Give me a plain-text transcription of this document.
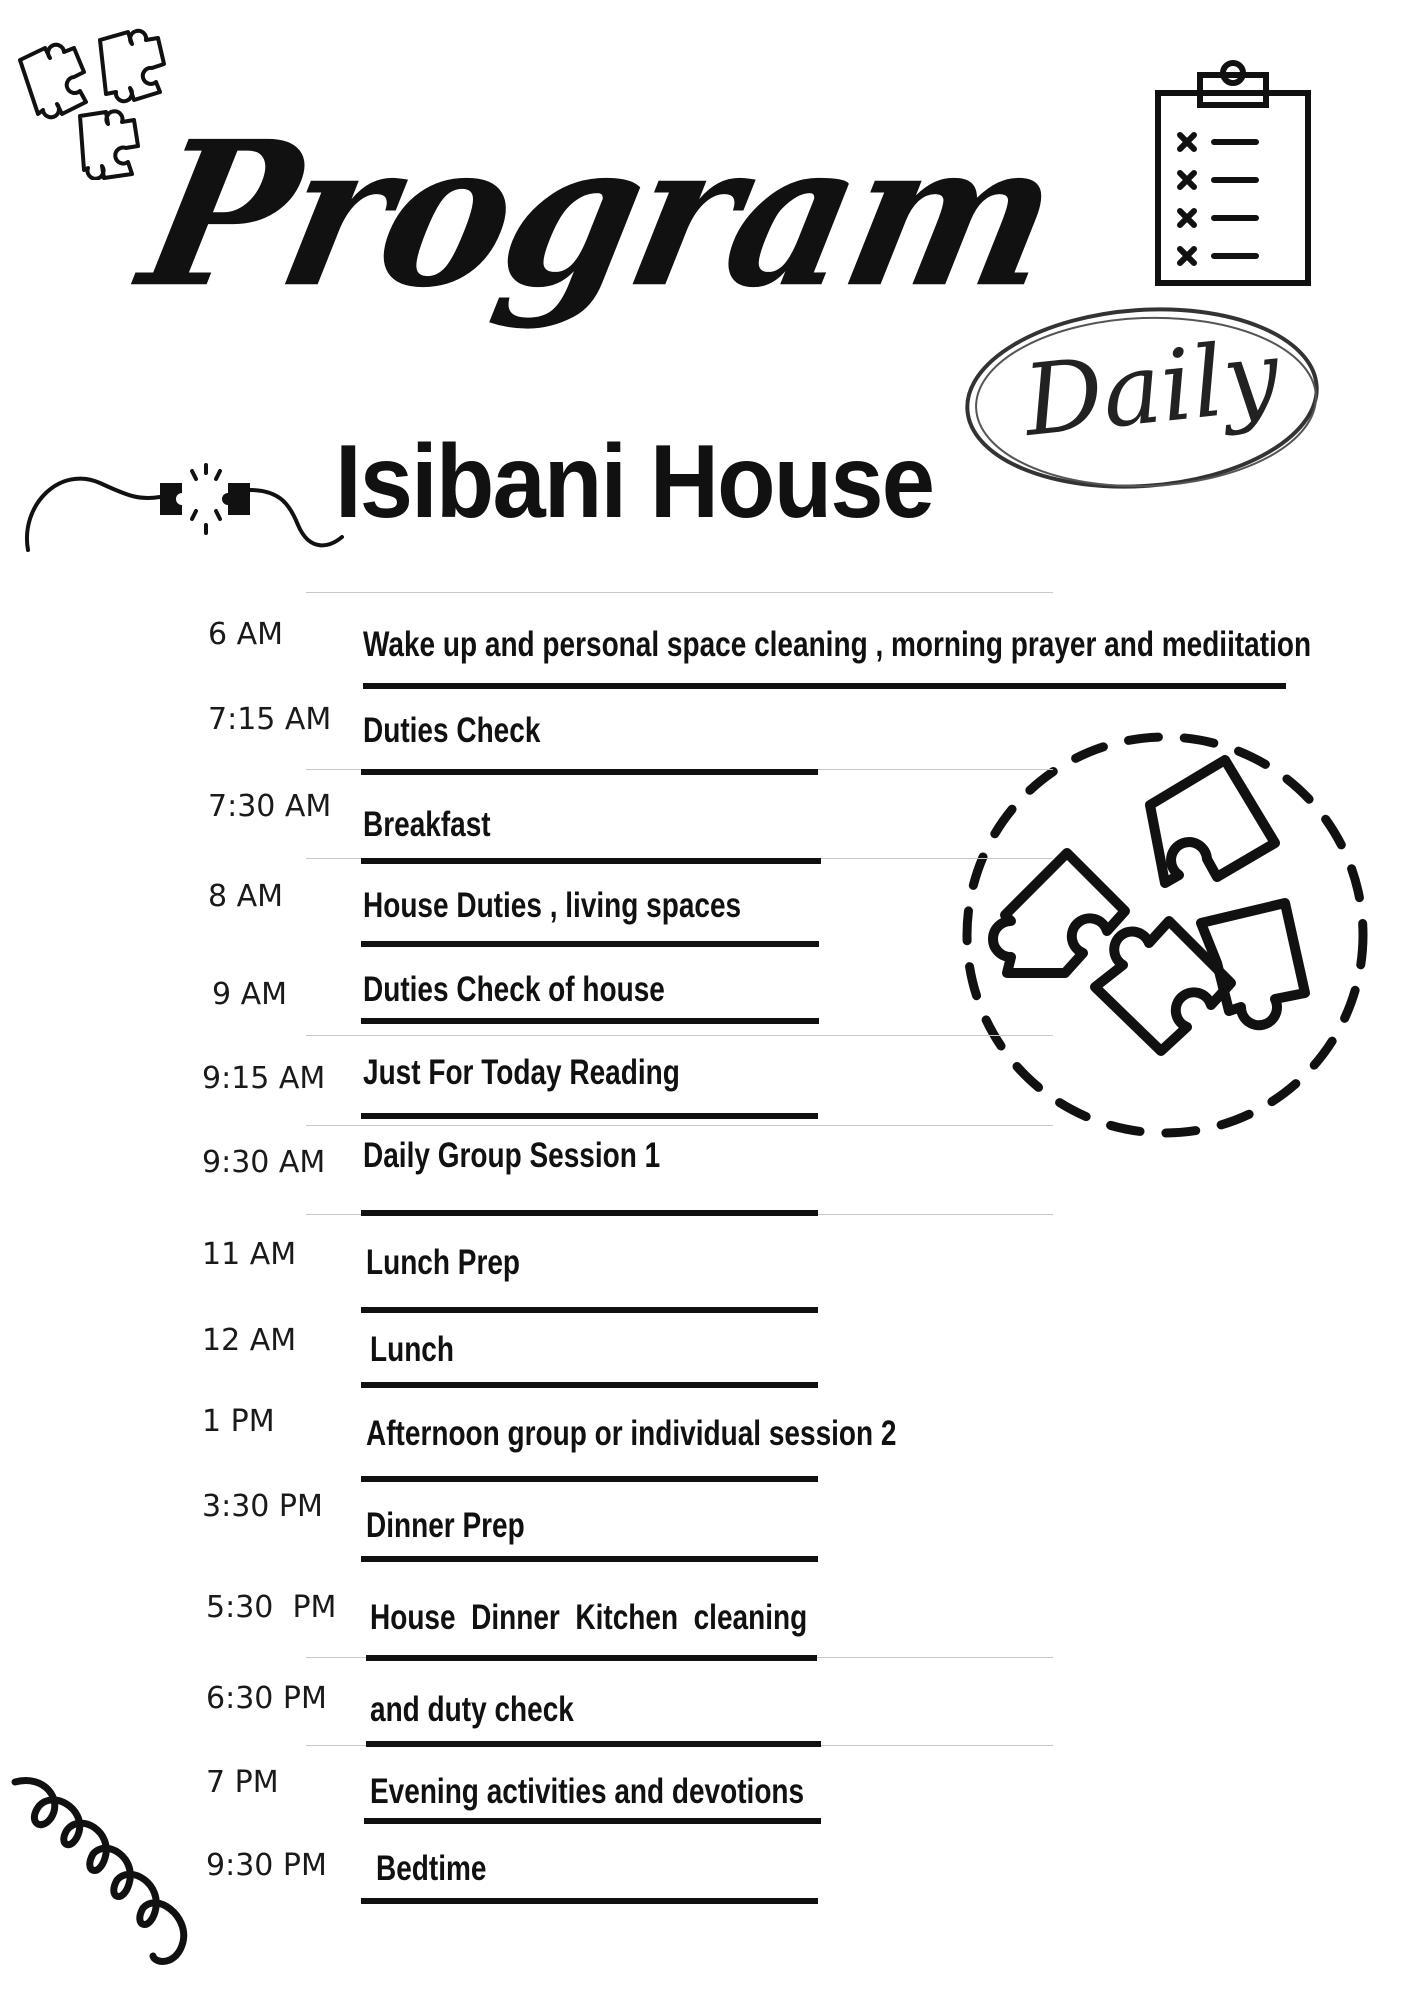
Program
Daily
Isibani House
6 AM Wake up and personal space cleaning , morning prayer and mediitation
7:15 AM Duties Check
7:30 AM Breakfast
8 AM House Duties , living spaces
9 AM Duties Check of house
9:15 AM Just For Today Reading
9:30 AM Daily Group Session 1
11 AM Lunch Prep
12 AM Lunch
1 PM	Afternoon group or individual session 2
3:30 PM Dinner Prep
5:30  PM House  Dinner  Kitchen  cleaning
6:30 PM and duty check
7 PM	Evening activities and devotions
9:30 PM Bedtime
